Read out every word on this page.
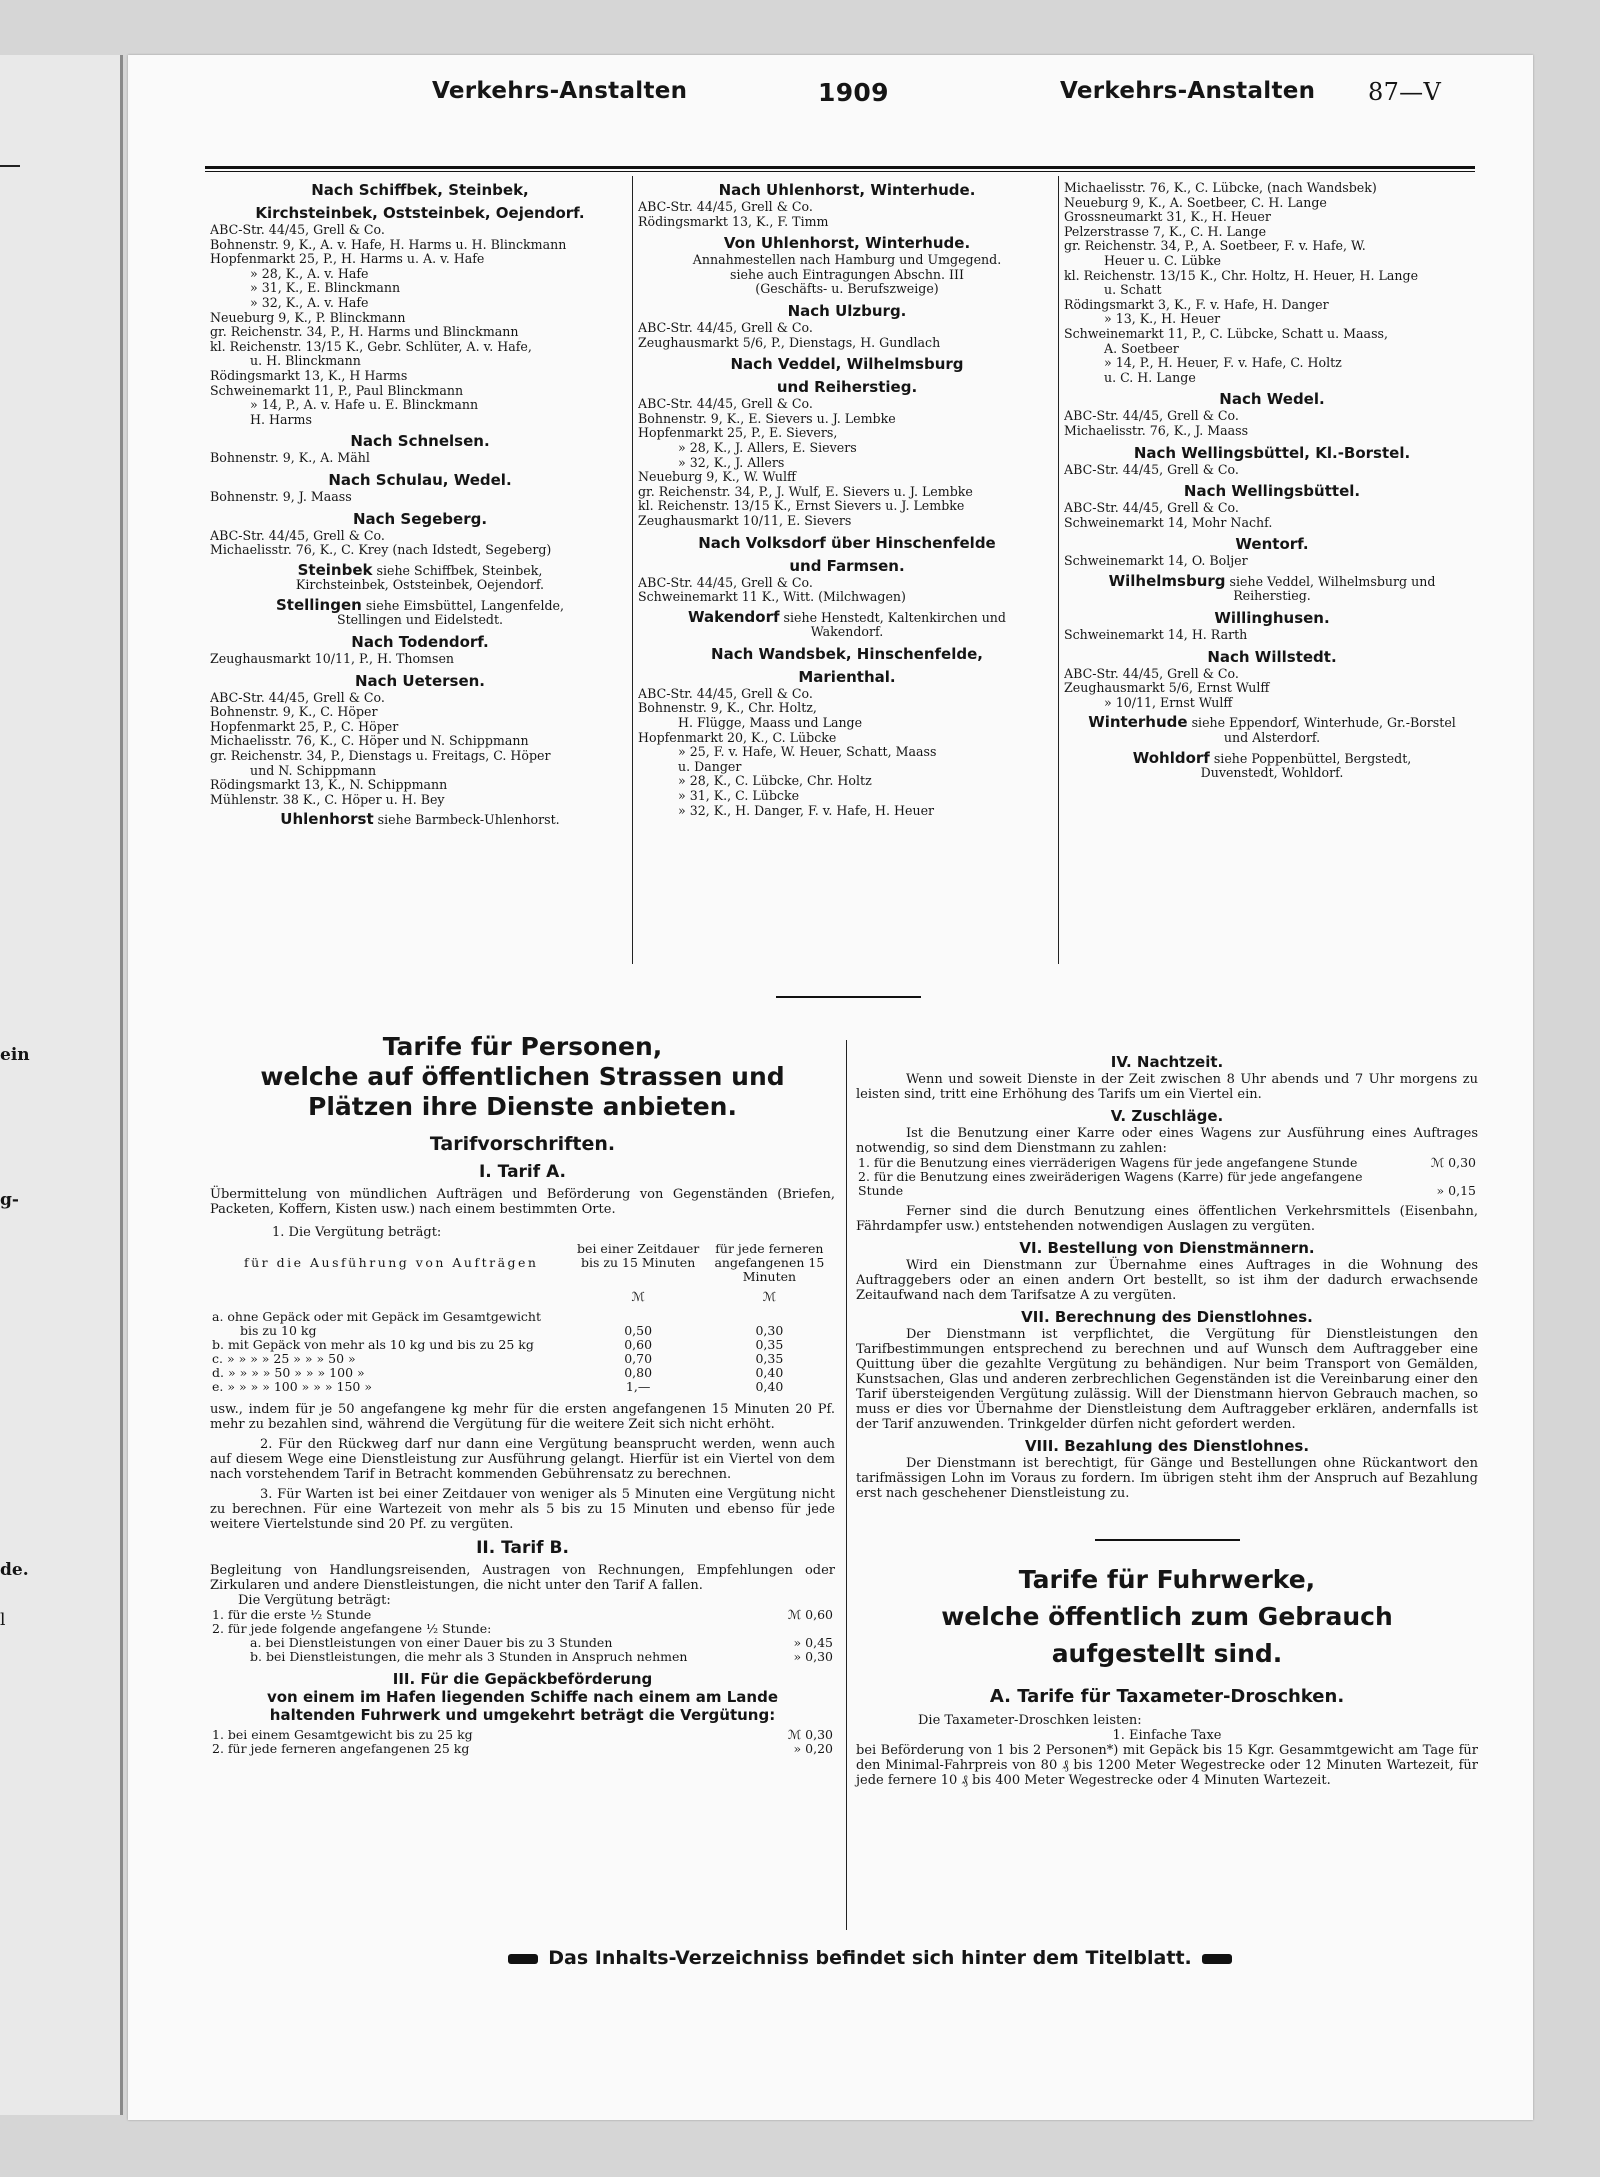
ein
g-
de.
l
Verkehrs-Anstalten	1909	Verkehrs-Anstalten 87—V
Nach Schiffbek, Steinbek,
Kirchsteinbek, Oststeinbek, Oejendorf.
ABC-Str. 44/45, Grell & Co.
Bohnenstr. 9, K., A. v. Hafe, H. Harms u. H. Blinckmann
Hopfenmarkt 25, P., H. Harms u. A. v. Hafe
» 28, K., A. v. Hafe
» 31, K., E. Blinckmann
» 32, K., A. v. Hafe
Neueburg 9, K., P. Blinckmann
gr. Reichenstr. 34, P., H. Harms und Blinckmann
kl. Reichenstr. 13/15 K., Gebr. Schlüter, A. v. Hafe,
u. H. Blinckmann
Rödingsmarkt 13, K., H Harms
Schweinemarkt 11, P., Paul Blinckmann
» 14, P., A. v. Hafe u. E. Blinckmann
H. Harms
Nach Schnelsen.
Bohnenstr. 9, K., A. Mähl
Nach Schulau, Wedel.
Bohnenstr. 9, J. Maass
Nach Segeberg.
ABC-Str. 44/45, Grell & Co.
Michaelisstr. 76, K., C. Krey (nach Idstedt, Segeberg)
Steinbek siehe Schiffbek, Steinbek,
Kirchsteinbek, Oststeinbek, Oejendorf.
Stellingen siehe Eimsbüttel, Langenfelde,
Stellingen und Eidelstedt.
Nach Todendorf.
Zeughausmarkt 10/11, P., H. Thomsen
Nach Uetersen.
ABC-Str. 44/45, Grell & Co.
Bohnenstr. 9, K., C. Höper
Hopfenmarkt 25, P., C. Höper
Michaelisstr. 76, K., C. Höper und N. Schippmann
gr. Reichenstr. 34, P., Dienstags u. Freitags, C. Höper
und N. Schippmann
Rödingsmarkt 13, K., N. Schippmann
Mühlenstr. 38 K., C. Höper u. H. Bey
Uhlenhorst siehe Barmbeck-Uhlenhorst.
Nach Uhlenhorst, Winterhude.
ABC-Str. 44/45, Grell & Co.
Rödingsmarkt 13, K., F. Timm
Von Uhlenhorst, Winterhude.
Annahmestellen nach Hamburg und Umgegend.
siehe auch Eintragungen Abschn. III
(Geschäfts- u. Berufszweige)
Nach Ulzburg.
ABC-Str. 44/45, Grell & Co.
Zeughausmarkt 5/6, P., Dienstags, H. Gundlach
Nach Veddel, Wilhelmsburg
und Reiherstieg.
ABC-Str. 44/45, Grell & Co.
Bohnenstr. 9, K., E. Sievers u. J. Lembke
Hopfenmarkt 25, P., E. Sievers,
» 28, K., J. Allers, E. Sievers
» 32, K., J. Allers
Neueburg 9, K., W. Wulff
gr. Reichenstr. 34, P., J. Wulf, E. Sievers u. J. Lembke
kl. Reichenstr. 13/15 K., Ernst Sievers u. J. Lembke
Zeughausmarkt 10/11, E. Sievers
Nach Volksdorf über Hinschenfelde
und Farmsen.
ABC-Str. 44/45, Grell & Co.
Schweinemarkt 11 K., Witt. (Milchwagen)
Wakendorf siehe Henstedt, Kaltenkirchen und
Wakendorf.
Nach Wandsbek, Hinschenfelde,
Marienthal.
ABC-Str. 44/45, Grell & Co.
Bohnenstr. 9, K., Chr. Holtz,
H. Flügge, Maass und Lange
Hopfenmarkt 20, K., C. Lübcke
» 25, F. v. Hafe, W. Heuer, Schatt, Maass
u. Danger
» 28, K., C. Lübcke, Chr. Holtz
» 31, K., C. Lübcke
» 32, K., H. Danger, F. v. Hafe, H. Heuer
Michaelisstr. 76, K., C. Lübcke, (nach Wandsbek)
Neueburg 9, K., A. Soetbeer, C. H. Lange
Grossneumarkt 31, K., H. Heuer
Pelzerstrasse 7, K., C. H. Lange
gr. Reichenstr. 34, P., A. Soetbeer, F. v. Hafe, W.
Heuer u. C. Lübke
kl. Reichenstr. 13/15 K., Chr. Holtz, H. Heuer, H. Lange
u. Schatt
Rödingsmarkt 3, K., F. v. Hafe, H. Danger
» 13, K., H. Heuer
Schweinemarkt 11, P., C. Lübcke, Schatt u. Maass,
A. Soetbeer
» 14, P., H. Heuer, F. v. Hafe, C. Holtz
u. C. H. Lange
Nach Wedel.
ABC-Str. 44/45, Grell & Co.
Michaelisstr. 76, K., J. Maass
Nach Wellingsbüttel, Kl.-Borstel.
ABC-Str. 44/45, Grell & Co.
Nach Wellingsbüttel.
ABC-Str. 44/45, Grell & Co.
Schweinemarkt 14, Mohr Nachf.
Wentorf.
Schweinemarkt 14, O. Boljer
Wilhelmsburg siehe Veddel, Wilhelmsburg und
Reiherstieg.
Willinghusen.
Schweinemarkt 14, H. Rarth
Nach Willstedt.
ABC-Str. 44/45, Grell & Co.
Zeughausmarkt 5/6, Ernst Wulff
» 10/11, Ernst Wulff
Winterhude siehe Eppendorf, Winterhude, Gr.-Borstel
und Alsterdorf.
Wohldorf siehe Poppenbüttel, Bergstedt,
Duvenstedt, Wohldorf.
Tarife für Personen,
welche auf öffentlichen Strassen und
Plätzen ihre Dienste anbieten.
Tarifvorschriften.
I. Tarif A.
Übermittelung von mündlichen Aufträgen und Beförderung von Gegenständen (Briefen, Packeten, Koffern, Kisten usw.) nach einem bestimmten Orte.
1. Die Vergütung beträgt:
für die Ausführung von Aufträgen	bei einer Zeitdauer bis zu 15 Minuten	für jede ferneren angefangenen 15 Minuten
	ℳ	ℳ
a. ohne Gepäck oder mit Gepäck im Gesamtgewicht
bis zu 10 kg	0,50	0,30
b. mit Gepäck von mehr als 10 kg und bis zu 25 kg	0,60	0,35
c. » » » » 25 » » » 50 »	0,70	0,35
d. » » » » 50 » » » 100 »	0,80	0,40
e. » » » » 100 » » » 150 »	1,—	0,40
usw., indem für je 50 angefangene kg mehr für die ersten angefangenen 15 Minuten 20 Pf. mehr zu bezahlen sind, während die Vergütung für die weitere Zeit sich nicht erhöht.
2. Für den Rückweg darf nur dann eine Vergütung beansprucht werden, wenn auch auf diesem Wege eine Dienstleistung zur Ausführung gelangt. Hierfür ist ein Viertel von dem nach vorstehendem Tarif in Betracht kommenden Gebührensatz zu berechnen.
3. Für Warten ist bei einer Zeitdauer von weniger als 5 Minuten eine Vergütung nicht zu berechnen. Für eine Wartezeit von mehr als 5 bis zu 15 Minuten und ebenso für jede weitere Viertelstunde sind 20 Pf. zu vergüten.
II. Tarif B.
Begleitung von Handlungsreisenden, Austragen von Rechnungen, Empfehlungen oder Zirkularen und andere Dienstleistungen, die nicht unter den Tarif A fallen.
Die Vergütung beträgt:
1. für die erste ½ Stunde	ℳ 0,60
2. für jede folgende angefangene ½ Stunde:	
a. bei Dienstleistungen von einer Dauer bis zu 3 Stunden	» 0,45
b. bei Dienstleistungen, die mehr als 3 Stunden in Anspruch nehmen	» 0,30
III. Für die Gepäckbeförderung
von einem im Hafen liegenden Schiffe nach einem am Lande
haltenden Fuhrwerk und umgekehrt beträgt die Vergütung:
1. bei einem Gesamtgewicht bis zu 25 kg	ℳ 0,30
2. für jede ferneren angefangenen 25 kg	» 0,20
IV. Nachtzeit.
Wenn und soweit Dienste in der Zeit zwischen 8 Uhr abends und 7 Uhr morgens zu leisten sind, tritt eine Erhöhung des Tarifs um ein Viertel ein.
V. Zuschläge.
Ist die Benutzung einer Karre oder eines Wagens zur Ausführung eines Auftrages notwendig, so sind dem Dienstmann zu zahlen:
1. für die Benutzung eines vierräderigen Wagens für jede angefangene Stunde	ℳ 0,30
2. für die Benutzung eines zweiräderigen Wagens (Karre) für jede angefangene Stunde	» 0,15
Ferner sind die durch Benutzung eines öffentlichen Verkehrsmittels (Eisenbahn, Fährdampfer usw.) entstehenden notwendigen Auslagen zu vergüten.
VI. Bestellung von Dienstmännern.
Wird ein Dienstmann zur Übernahme eines Auftrages in die Wohnung des Auftraggebers oder an einen andern Ort bestellt, so ist ihm der dadurch erwachsende Zeitaufwand nach dem Tarifsatze A zu vergüten.
VII. Berechnung des Dienstlohnes.
Der Dienstmann ist verpflichtet, die Vergütung für Dienstleistungen den Tarifbestimmungen entsprechend zu berechnen und auf Wunsch dem Auftraggeber eine Quittung über die gezahlte Vergütung zu behändigen. Nur beim Transport von Gemälden, Kunstsachen, Glas und anderen zerbrechlichen Gegenständen ist die Vereinbarung einer den Tarif übersteigenden Vergütung zulässig. Will der Dienstmann hiervon Gebrauch machen, so muss er dies vor Übernahme der Dienstleistung dem Auftraggeber erklären, andernfalls ist der Tarif anzuwenden. Trinkgelder dürfen nicht gefordert werden.
VIII. Bezahlung des Dienstlohnes.
Der Dienstmann ist berechtigt, für Gänge und Bestellungen ohne Rückantwort den tarifmässigen Lohn im Voraus zu fordern. Im übrigen steht ihm der Anspruch auf Bezahlung erst nach geschehener Dienstleistung zu.
Tarife für Fuhrwerke,
welche öffentlich zum Gebrauch
aufgestellt sind.
A. Tarife für Taxameter-Droschken.
Die Taxameter-Droschken leisten:
1. Einfache Taxe
bei Beförderung von 1 bis 2 Personen*) mit Gepäck bis 15 Kgr. Gesammtgewicht am Tage für den Minimal-Fahrpreis von 80 ₰ bis 1200 Meter Wegestrecke oder 12 Minuten Wartezeit, für jede fernere 10 ₰ bis 400 Meter Wegestrecke oder 4 Minuten Wartezeit.
Das Inhalts-Verzeichniss befindet sich hinter dem Titelblatt.
